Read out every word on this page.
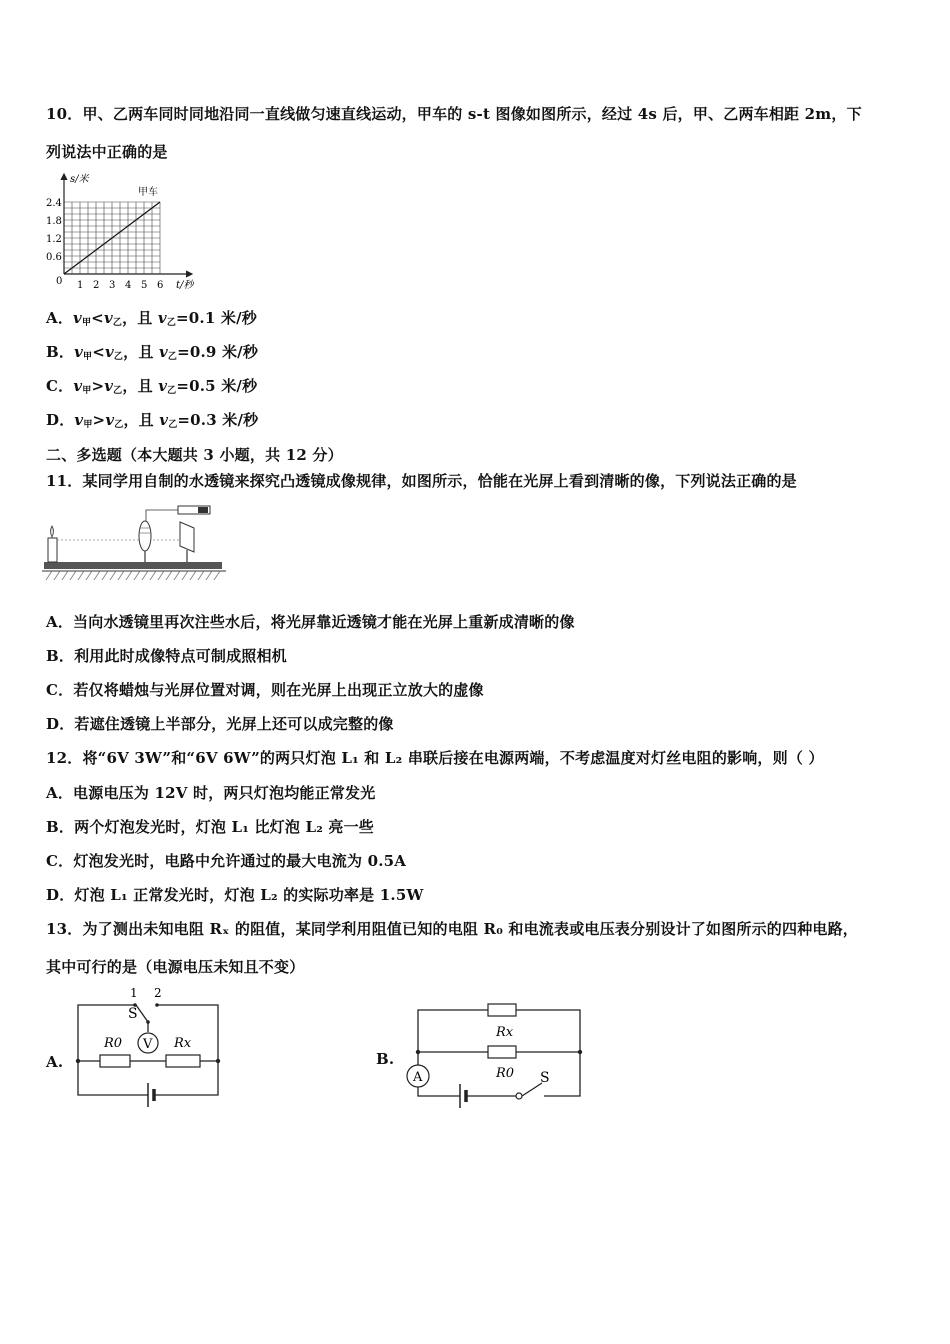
10．甲、乙两车同时同地沿同一直线做匀速直线运动，甲车的 s-t 图像如图所示，经过 4s 后，甲、乙两车相距 2m，下
列说法中正确的是
1 2 3 4 5 6
0.6
1.2
1.8
2.4
s/米
t/秒
0
甲车
A．$v_甲<v_乙$，且 $v_乙=0.1$ 米/秒
B．$v_甲<v_乙$，且 $v_乙=0.9$ 米/秒
C．$v_甲>v_乙$，且 $v_乙=0.5$ 米/秒
D．$v_甲>v_乙$，且 $v_乙=0.3$ 米/秒
二、多选题（本大题共 3 小题，共 12 分）
11．某同学用自制的水透镜来探究凸透镜成像规律，如图所示，恰能在光屏上看到清晰的像，下列说法正确的是
A．当向水透镜里再次注些水后，将光屏靠近透镜才能在光屏上重新成清晰的像
B．利用此时成像特点可制成照相机
C．若仅将蜡烛与光屏位置对调，则在光屏上出现正立放大的虚像
D．若遮住透镜上半部分，光屏上还可以成完整的像
12．将“6V 3W”和“6V 6W”的两只灯泡 L₁ 和 L₂ 串联后接在电源两端，不考虑温度对灯丝电阻的影响，则（ ）
A．电源电压为 12V 时，两只灯泡均能正常发光
B．两个灯泡发光时，灯泡 L₁ 比灯泡 L₂ 亮一些
C．灯泡发光时，电路中允许通过的最大电流为 0.5A
D．灯泡 L₁ 正常发光时，灯泡 L₂ 的实际功率是 1.5W
13．为了测出未知电阻 Rₓ 的阻值，某同学利用阻值已知的电阻 R₀ 和电流表或电压表分别设计了如图所示的四种电路，
其中可行的是（电源电压未知且不变）
A.
V
1 2
S
R0	Rx
B.
A
Rx
R0 S
